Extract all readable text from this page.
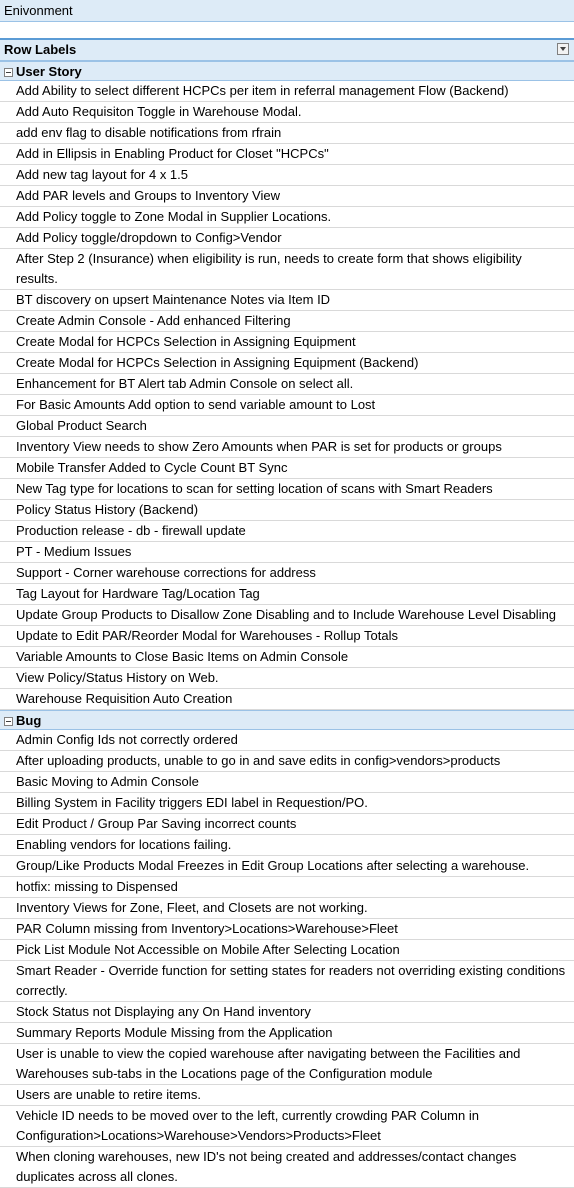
Enivonment
Row Labels
User Story
Add Ability to select different HCPCs per item in referral management Flow (Backend)
Add Auto Requisiton Toggle in Warehouse Modal.
add env flag to disable notifications from rfrain
Add in Ellipsis in Enabling Product for Closet "HCPCs"
Add new tag layout for 4 x 1.5
Add PAR levels and Groups to Inventory View
Add Policy toggle to Zone Modal in Supplier Locations.
Add Policy toggle/dropdown to Config>Vendor
After Step 2 (Insurance) when eligibility is run, needs to create form that shows eligibility results.
BT discovery on upsert Maintenance Notes via Item ID
Create Admin Console - Add enhanced Filtering
Create Modal for HCPCs Selection in Assigning Equipment
Create Modal for HCPCs Selection in Assigning Equipment (Backend)
Enhancement for BT Alert tab Admin Console on select all.
For Basic Amounts Add option to send variable amount to Lost
Global Product Search
Inventory View needs to show Zero Amounts when PAR is set for products or groups
Mobile Transfer Added to Cycle Count BT Sync
New Tag type for locations to scan for setting location of scans with Smart Readers
Policy Status History (Backend)
Production release - db - firewall update
PT - Medium Issues
Support - Corner warehouse corrections for address
Tag Layout for Hardware Tag/Location Tag
Update Group Products to Disallow Zone Disabling and to Include Warehouse Level Disabling
Update to Edit PAR/Reorder Modal for Warehouses - Rollup Totals
Variable Amounts to Close Basic Items on Admin Console
View Policy/Status History on Web.
Warehouse Requisition Auto Creation
Bug
Admin Config Ids not correctly ordered
After uploading products, unable to go in and save edits in config>vendors>products
Basic Moving to Admin Console
Billing System in Facility triggers EDI label in Requestion/PO.
Edit Product / Group Par Saving incorrect counts
Enabling vendors for locations failing.
Group/Like Products Modal Freezes in Edit Group Locations after selecting a warehouse.
hotfix: missing to Dispensed
Inventory Views for Zone, Fleet, and Closets are not working.
PAR Column missing from Inventory>Locations>Warehouse>Fleet
Pick List Module Not Accessible on Mobile After Selecting Location
Smart Reader - Override function for setting states for readers not overriding existing conditions correctly.
Stock Status not Displaying any On Hand inventory
Summary Reports Module Missing from the Application
User is unable to view the copied warehouse after navigating between the Facilities and Warehouses sub-tabs in the Locations page of the Configuration module
Users are unable to retire items.
Vehicle ID needs to be moved over to the left, currently crowding PAR Column in Configuration>Locations>Warehouse>Vendors>Products>Fleet
When cloning warehouses, new ID's not being created and addresses/contact changes duplicates across all clones.
